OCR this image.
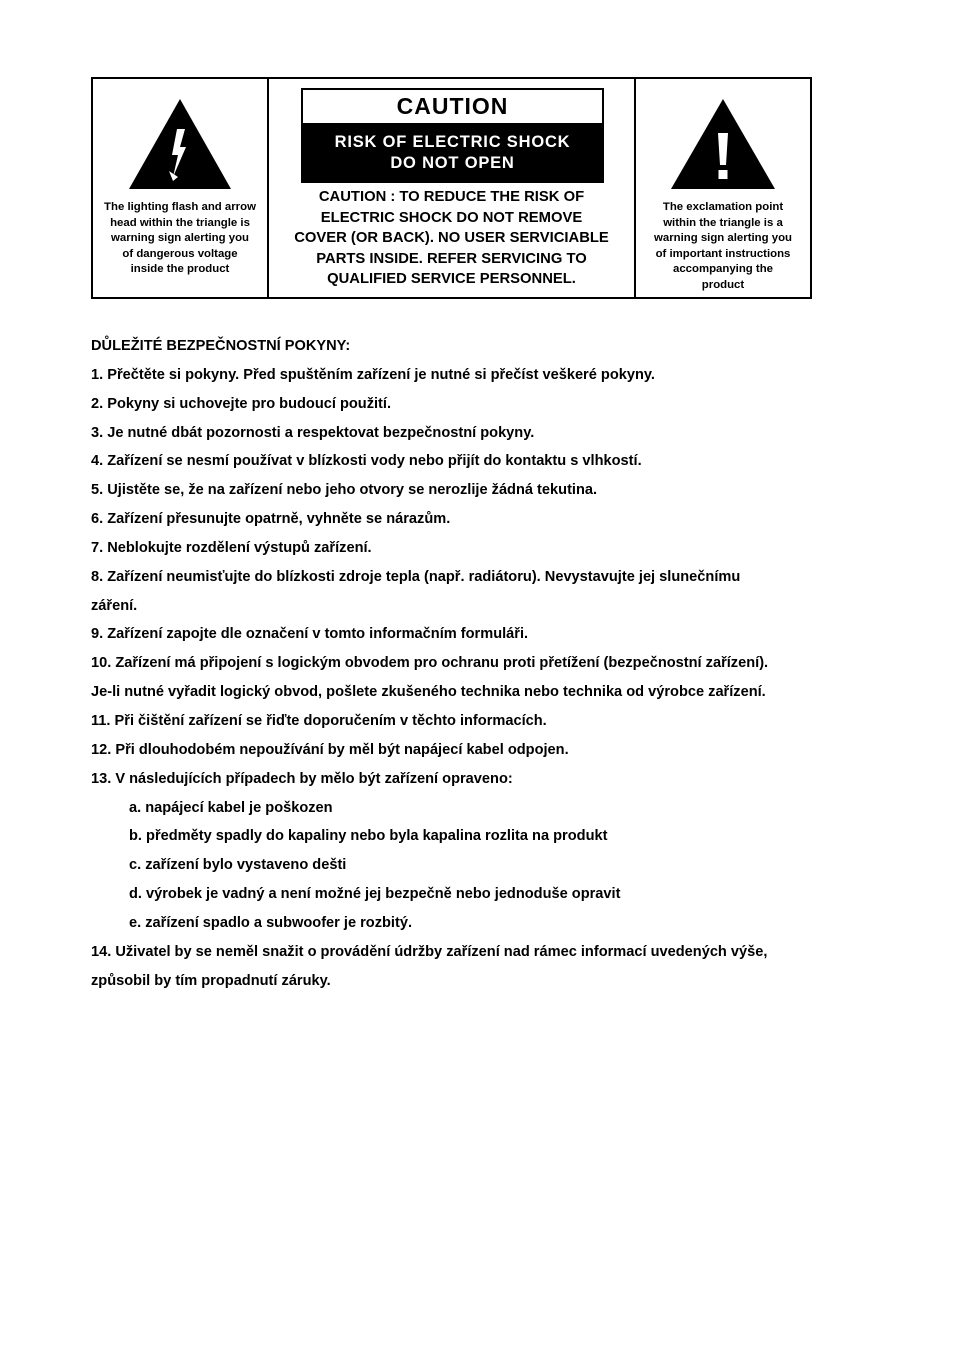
The lighting flash and arrow
head within the triangle is
warning sign alerting you
of dangerous voltage
inside the product
CAUTION
RISK OF ELECTRIC SHOCK
DO NOT OPEN
CAUTION : TO REDUCE THE RISK OF
ELECTRIC SHOCK DO NOT REMOVE
COVER (OR BACK). NO USER SERVICIABLE
PARTS INSIDE. REFER SERVICING TO
QUALIFIED SERVICE PERSONNEL.
The exclamation point
within the triangle is a
warning sign alerting you
of important instructions
accompanying the
product
DŮLEŽITÉ BEZPEČNOSTNÍ POKYNY:
1. Přečtěte si pokyny. Před spuštěním zařízení je nutné si přečíst veškeré pokyny.
2. Pokyny si uchovejte pro budoucí použití.
3. Je nutné dbát pozornosti a respektovat bezpečnostní pokyny.
4. Zařízení se nesmí používat v blízkosti vody nebo přijít do kontaktu s vlhkostí.
5. Ujistěte se, že na zařízení nebo jeho otvory se nerozlije žádná tekutina.
6. Zařízení přesunujte opatrně, vyhněte se nárazům.
7. Neblokujte rozdělení výstupů zařízení.
8. Zařízení neumisťujte do blízkosti zdroje tepla (např. radiátoru). Nevystavujte jej slunečnímu
záření.
9. Zařízení zapojte dle označení v tomto informačním formuláři.
10. Zařízení má připojení s logickým obvodem pro ochranu proti přetížení (bezpečnostní zařízení).
Je-li nutné vyřadit logický obvod, pošlete zkušeného technika nebo technika od výrobce zařízení.
11. Při čištění zařízení se řiďte doporučením v těchto informacích.
12. Při dlouhodobém nepoužívání by měl být napájecí kabel odpojen.
13. V následujících případech by mělo být zařízení opraveno:
a. napájecí kabel je poškozen
b. předměty spadly do kapaliny nebo byla kapalina rozlita na produkt
c. zařízení bylo vystaveno dešti
d. výrobek je vadný a není možné jej bezpečně nebo jednoduše opravit
e. zařízení spadlo a subwoofer je rozbitý.
14. Uživatel by se neměl snažit o provádění údržby zařízení nad rámec informací uvedených výše,
způsobil by tím propadnutí záruky.
